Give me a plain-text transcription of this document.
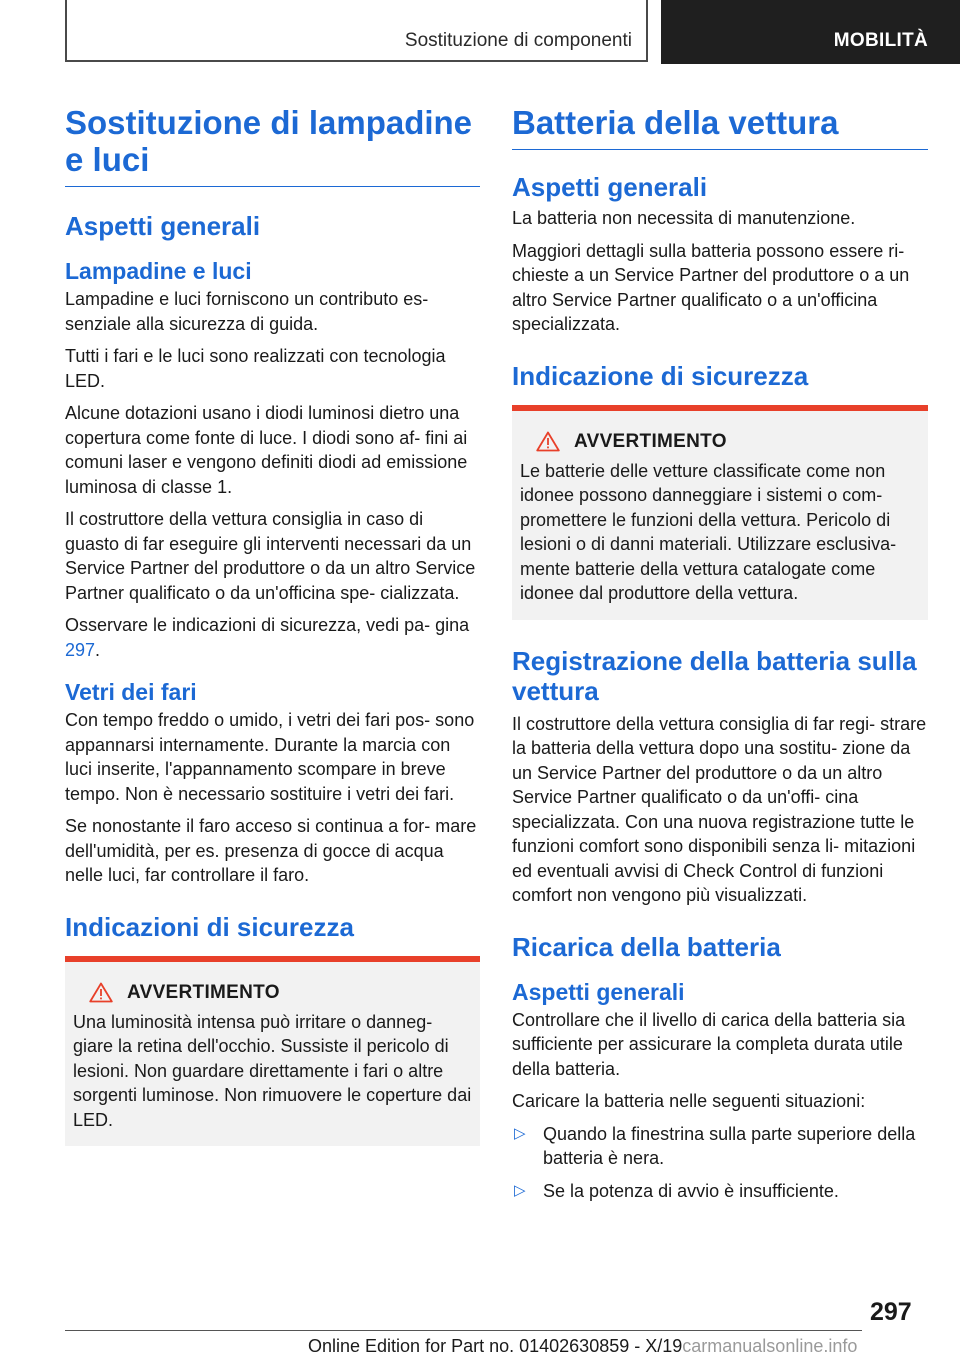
Sostituzione di componenti	MOBILITÀ
Sostituzione di lampadine e luci
Aspetti generali
Lampadine e luci

Lampadine e luci forniscono un contributo es- senziale alla sicurezza di guida.

Tutti i fari e le luci sono realizzati con tecnologia LED.

Alcune dotazioni usano i diodi luminosi dietro una copertura come fonte di luce. I diodi sono af- fini ai comuni laser e vengono definiti diodi ad emissione luminosa di classe 1.

Il costruttore della vettura consiglia in caso di guasto di far eseguire gli interventi necessari da un Service Partner del produttore o da un altro Service Partner qualificato o da un'officina spe- cializzata.

Osservare le indicazioni di sicurezza, vedi pa- gina 297.

Vetri dei fari

Con tempo freddo o umido, i vetri dei fari pos- sono appannarsi internamente. Durante la marcia con luci inserite, l'appannamento scompare in breve tempo. Non è necessario sostituire i vetri dei fari.

Se nonostante il faro acceso si continua a for- mare dell'umidità, per es. presenza di gocce di acqua nelle luci, far controllare il faro.

Indicazioni di sicurezza
AVVERTIMENTO

Una luminosità intensa può irritare o danneg- giare la retina dell'occhio. Sussiste il pericolo di lesioni. Non guardare direttamente i fari o altre sorgenti luminose. Non rimuovere le coperture dai LED.

Batteria della vettura
Aspetti generali

La batteria non necessita di manutenzione.

Maggiori dettagli sulla batteria possono essere ri- chieste a un Service Partner del produttore o a un altro Service Partner qualificato o a un'officina specializzata.

Indicazione di sicurezza
AVVERTIMENTO

Le batterie delle vetture classificate come non idonee possono danneggiare i sistemi o com- promettere le funzioni della vettura. Pericolo di lesioni o di danni materiali. Utilizzare esclusiva- mente batterie della vettura catalogate come idonee dal produttore della vettura.

Registrazione della batteria sulla vettura

Il costruttore della vettura consiglia di far regi- strare la batteria della vettura dopo una sostitu- zione da un Service Partner del produttore o da un altro Service Partner qualificato o da un'offi- cina specializzata. Con una nuova registrazione tutte le funzioni comfort sono disponibili senza li- mitazioni ed eventuali avvisi di Check Control di funzioni comfort non vengono più visualizzati.

Ricarica della batteria
Aspetti generali

Controllare che il livello di carica della batteria sia sufficiente per assicurare la completa durata utile della batteria.

Caricare la batteria nelle seguenti situazioni:

▷ Quando la finestrina sulla parte superiore della batteria è nera.
▷ Se la potenza di avvio è insufficiente.
297
Online Edition for Part no. 01402630859 - X/19carmanualsonline.info
